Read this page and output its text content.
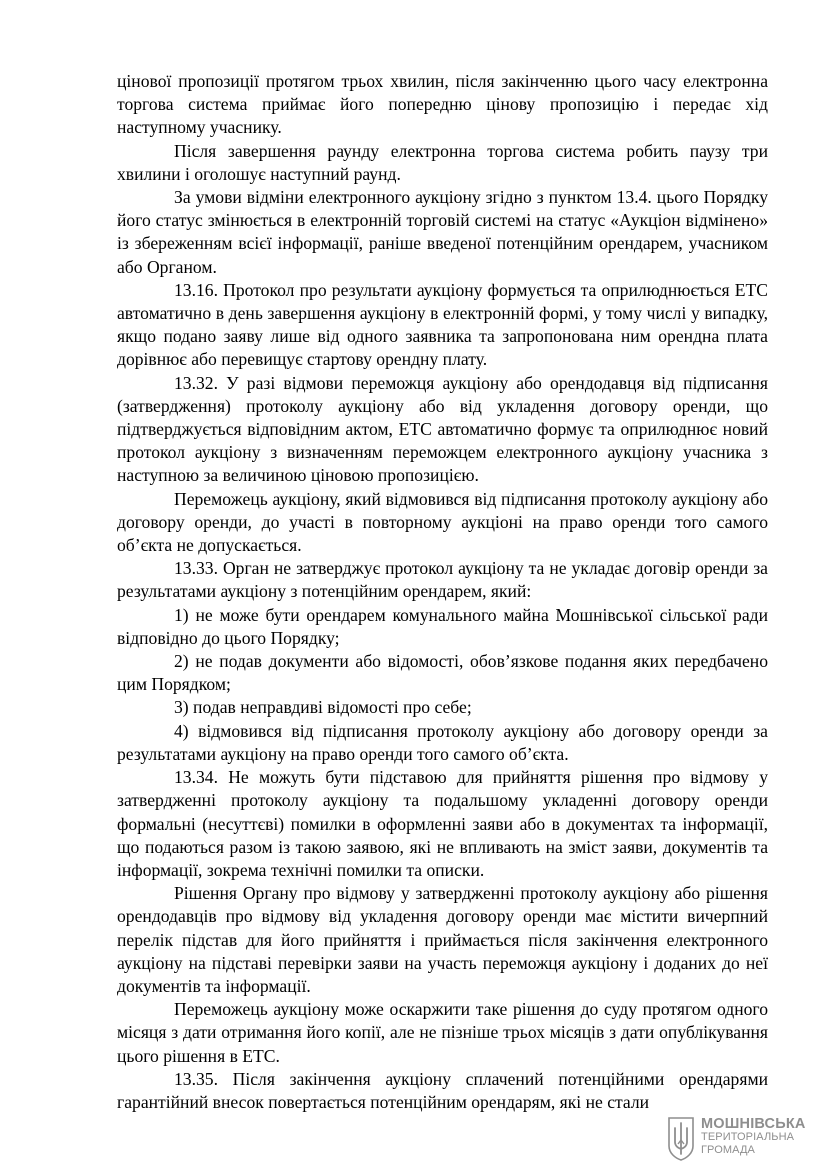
цінової пропозиції протягом трьох хвилин, після закінченню цього часу електронна торгова система приймає його попередню цінову пропозицію і передає хід наступному учаснику.

Після завершення раунду електронна торгова система робить паузу три хвилини і оголошує наступний раунд.

За умови відміни електронного аукціону згідно з пунктом 13.4. цього Порядку його статус змінюється в електронній торговій системі на статус «Аукціон відмінено» із збереженням всієї інформації, раніше введеної потенційним орендарем, учасником або Органом.

13.16. Протокол про результати аукціону формується та оприлюднюється ЕТС автоматично в день завершення аукціону в електронній формі, у тому числі у випадку, якщо подано заяву лише від одного заявника та запропонована ним орендна плата дорівнює або перевищує стартову орендну плату.

13.32. У разі відмови переможця аукціону або орендодавця від підписання (затвердження) протоколу аукціону або від укладення договору оренди, що підтверджується відповідним актом, ЕТС автоматично формує та оприлюднює новий протокол аукціону з визначенням переможцем електронного аукціону учасника з наступною за величиною ціновою пропозицією.

Переможець аукціону, який відмовився від підписання протоколу аукціону або договору оренди, до участі в повторному аукціоні на право оренди того самого об’єкта не допускається.

13.33. Орган не затверджує протокол аукціону та не укладає договір оренди за результатами аукціону з потенційним орендарем, який:

1) не може бути орендарем комунального майна Мошнівської сільської ради відповідно до цього Порядку;

2) не подав документи або відомості, обов’язкове подання яких передбачено цим Порядком;

3) подав неправдиві відомості про себе;

4) відмовився від підписання протоколу аукціону або договору оренди за результатами аукціону на право оренди того самого об’єкта.

13.34. Не можуть бути підставою для прийняття рішення про відмову у затвердженні протоколу аукціону та подальшому укладенні договору оренди формальні (несуттєві) помилки в оформленні заяви або в документах та інформації, що подаються разом із такою заявою, які не впливають на зміст заяви, документів та інформації, зокрема технічні помилки та описки.

Рішення Органу про відмову у затвердженні протоколу аукціону або рішення орендодавців про відмову від укладення договору оренди має містити вичерпний перелік підстав для його прийняття і приймається після закінчення електронного аукціону на підставі перевірки заяви на участь переможця аукціону і доданих до неї документів та інформації.

Переможець аукціону може оскаржити таке рішення до суду протягом одного місяця з дати отримання його копії, але не пізніше трьох місяців з дати опублікування цього рішення в ЕТС.

13.35. Після закінчення аукціону сплачений потенційними орендарями гарантійний внесок повертається потенційним орендарям, які не стали

МОШНІВСЬКА
ТЕРИТОРІАЛЬНА
ГРОМАДА
